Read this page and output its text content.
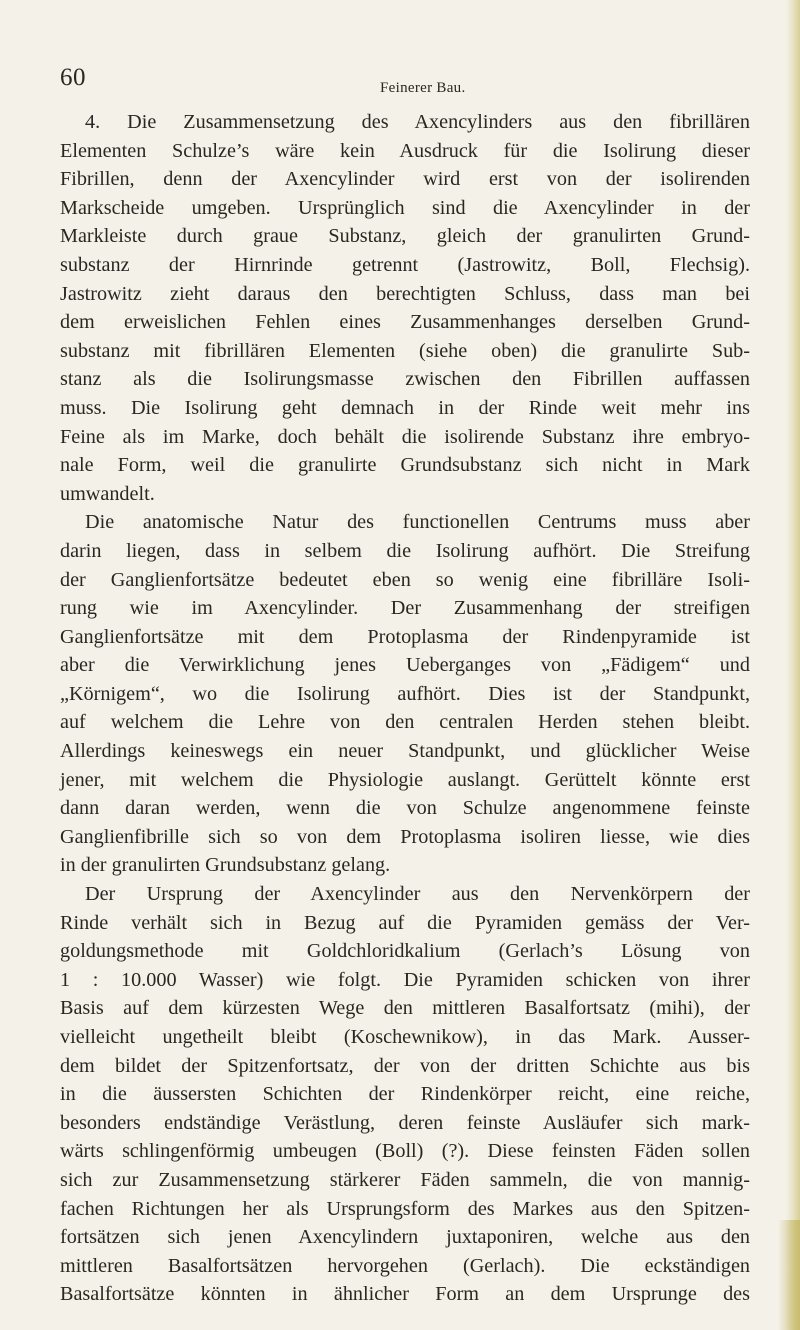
60	Feinerer Bau.
4. Die Zusammensetzung des Axencylinders aus den fibrillären
Elementen Schulze’s wäre kein Ausdruck für die Isolirung dieser
Fibrillen, denn der Axencylinder wird erst von der isolirenden
Markscheide umgeben. Ursprünglich sind die Axencylinder in der
Markleiste durch graue Substanz, gleich der granulirten Grund-
substanz der Hirnrinde getrennt (Jastrowitz, Boll, Flechsig).
Jastrowitz zieht daraus den berechtigten Schluss, dass man bei
dem erweislichen Fehlen eines Zusammenhanges derselben Grund-
substanz mit fibrillären Elementen (siehe oben) die granulirte Sub-
stanz als die Isolirungsmasse zwischen den Fibrillen auffassen
muss. Die Isolirung geht demnach in der Rinde weit mehr ins
Feine als im Marke, doch behält die isolirende Substanz ihre embryo-
nale Form, weil die granulirte Grundsubstanz sich nicht in Mark
umwandelt.
Die anatomische Natur des functionellen Centrums muss aber
darin liegen, dass in selbem die Isolirung aufhört. Die Streifung
der Ganglienfortsätze bedeutet eben so wenig eine fibrilläre Isoli-
rung wie im Axencylinder. Der Zusammenhang der streifigen
Ganglienfortsätze mit dem Protoplasma der Rindenpyramide ist
aber die Verwirklichung jenes Ueberganges von „Fädigem“ und
„Körnigem“, wo die Isolirung aufhört. Dies ist der Standpunkt,
auf welchem die Lehre von den centralen Herden stehen bleibt.
Allerdings keineswegs ein neuer Standpunkt, und glücklicher Weise
jener, mit welchem die Physiologie auslangt. Gerüttelt könnte erst
dann daran werden, wenn die von Schulze angenommene feinste
Ganglienfibrille sich so von dem Protoplasma isoliren liesse, wie dies
in der granulirten Grundsubstanz gelang.
Der Ursprung der Axencylinder aus den Nervenkörpern der
Rinde verhält sich in Bezug auf die Pyramiden gemäss der Ver-
goldungsmethode mit Goldchloridkalium (Gerlach’s Lösung von
1 : 10.000 Wasser) wie folgt. Die Pyramiden schicken von ihrer
Basis auf dem kürzesten Wege den mittleren Basalfortsatz (mihi), der
vielleicht ungetheilt bleibt (Koschewnikow), in das Mark. Ausser-
dem bildet der Spitzenfortsatz, der von der dritten Schichte aus bis
in die äussersten Schichten der Rindenkörper reicht, eine reiche,
besonders endständige Verästlung, deren feinste Ausläufer sich mark-
wärts schlingenförmig umbeugen (Boll) (?). Diese feinsten Fäden sollen
sich zur Zusammensetzung stärkerer Fäden sammeln, die von mannig-
fachen Richtungen her als Ursprungsform des Markes aus den Spitzen-
fortsätzen sich jenen Axencylindern juxtaponiren, welche aus den
mittleren Basalfortsätzen hervorgehen (Gerlach). Die eckständigen
Basalfortsätze könnten in ähnlicher Form an dem Ursprunge des
